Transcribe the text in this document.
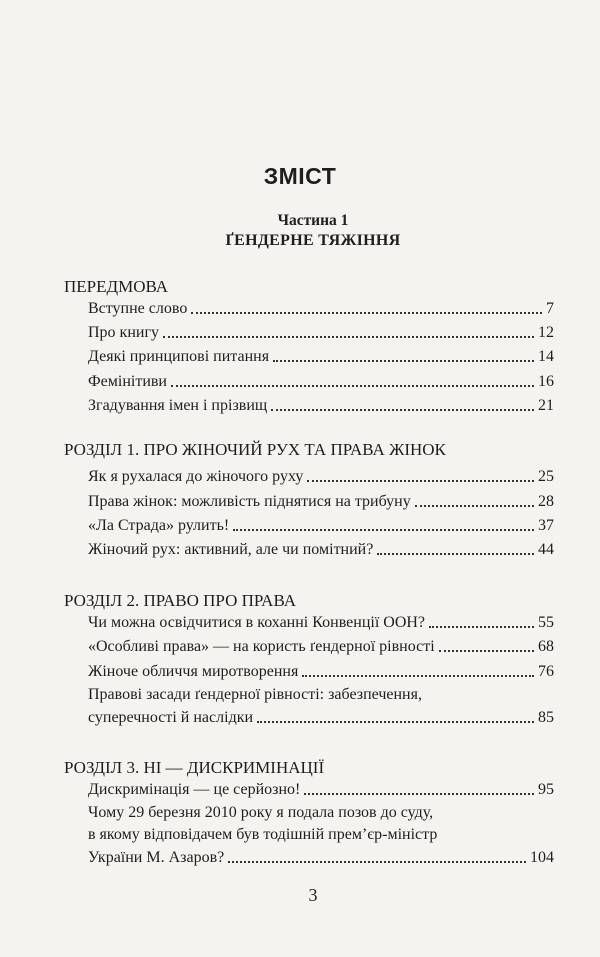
ЗМІСТ
Частина 1
ҐЕНДЕРНЕ ТЯЖІННЯ
ПЕРЕДМОВА
Вступне слово	7
Про книгу	12
Деякі принципові питання	14
Фемінітиви	16
Згадування імен і прізвищ	21
РОЗДІЛ 1. ПРО ЖІНОЧИЙ РУХ ТА ПРАВА ЖІНОК
Як я рухалася до жіночого руху	25
Права жінок: можливість піднятися на трибуну	28
«Ла Страда» рулить!	37
Жіночий рух: активний, але чи помітний?	44
РОЗДІЛ 2. ПРАВО ПРО ПРАВА
Чи можна освідчитися в коханні Конвенції ООН?	55
«Особливі права» — на користь ґендерної рівності	68
Жіноче обличчя миротворення	76
Правові засади ґендерної рівності: забезпечення,
суперечності й наслідки	85
РОЗДІЛ 3. НІ — ДИСКРИМІНАЦІЇ
Дискримінація — це серйозно!	95
Чому 29 березня 2010 року я подала позов до суду,
в якому відповідачем був тодішній прем’єр-міністр
України М. Азаров?	104
3
